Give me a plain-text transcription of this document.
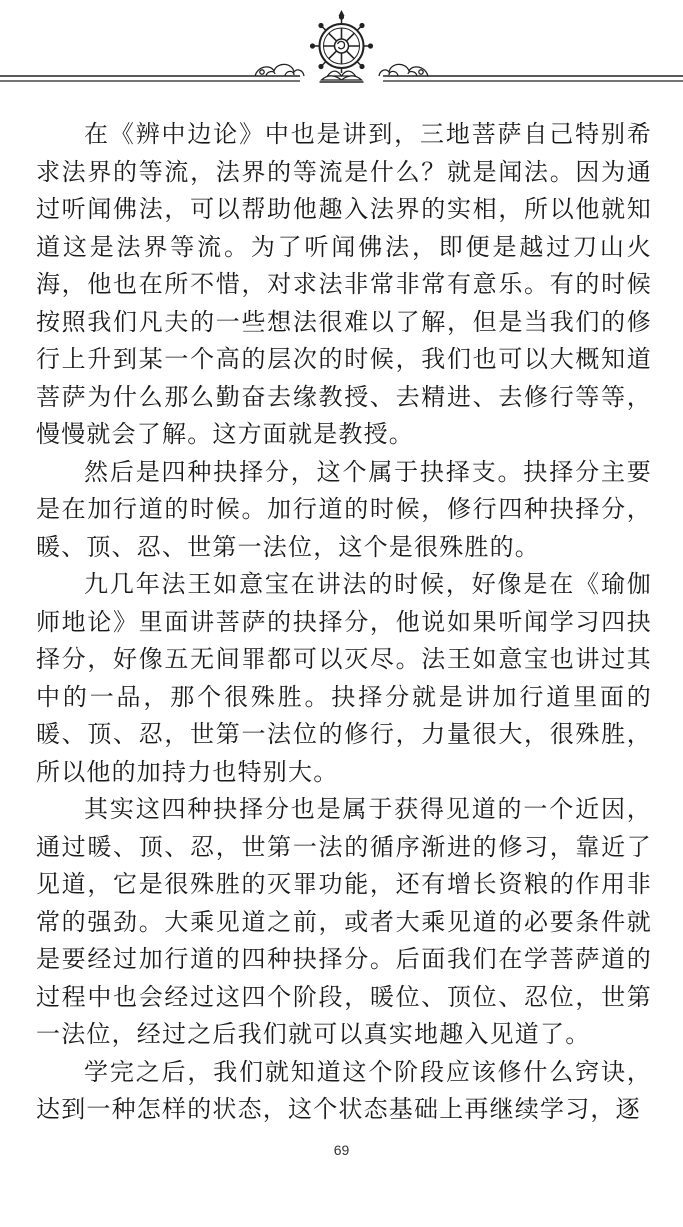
在《辨中边论》中也是讲到，三地菩萨自己特别希求法界的等流，法界的等流是什么？就是闻法。因为通过听闻佛法，可以帮助他趣入法界的实相，所以他就知道这是法界等流。为了听闻佛法，即便是越过刀山火海，他也在所不惜，对求法非常非常有意乐。有的时候按照我们凡夫的一些想法很难以了解，但是当我们的修行上升到某一个高的层次的时候，我们也可以大概知道菩萨为什么那么勤奋去缘教授、去精进、去修行等等，慢慢就会了解。这方面就是教授。

然后是四种抉择分，这个属于抉择支。抉择分主要是在加行道的时候。加行道的时候，修行四种抉择分，暖、顶、忍、世第一法位，这个是很殊胜的。

九几年法王如意宝在讲法的时候，好像是在《瑜伽师地论》里面讲菩萨的抉择分，他说如果听闻学习四抉择分，好像五无间罪都可以灭尽。法王如意宝也讲过其中的一品，那个很殊胜。抉择分就是讲加行道里面的暖、顶、忍，世第一法位的修行，力量很大，很殊胜，所以他的加持力也特别大。

其实这四种抉择分也是属于获得见道的一个近因，通过暖、顶、忍，世第一法的循序渐进的修习，靠近了见道，它是很殊胜的灭罪功能，还有增长资粮的作用非常的强劲。大乘见道之前，或者大乘见道的必要条件就是要经过加行道的四种抉择分。后面我们在学菩萨道的过程中也会经过这四个阶段，暖位、顶位、忍位，世第一法位，经过之后我们就可以真实地趣入见道了。

学完之后，我们就知道这个阶段应该修什么窍诀，达到一种怎样的状态，这个状态基础上再继续学习，逐

69
